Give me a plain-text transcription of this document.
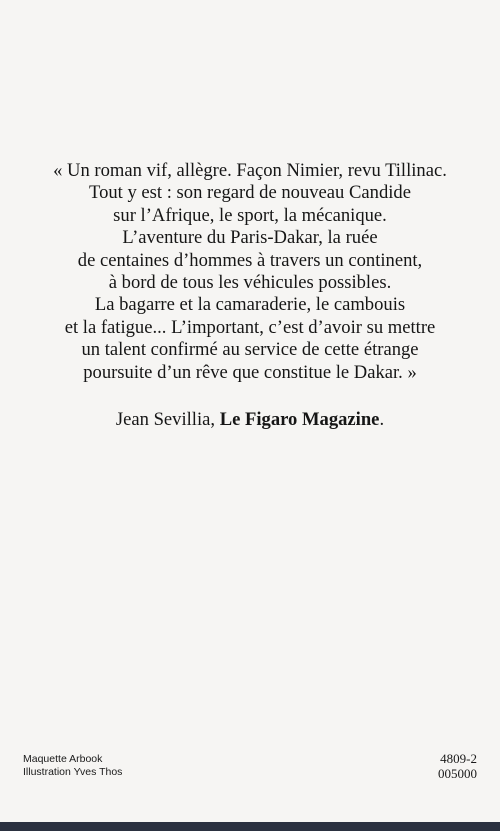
« Un roman vif, allègre. Façon Nimier, revu Tillinac.
Tout y est : son regard de nouveau Candide
sur l’Afrique, le sport, la mécanique.
L’aventure du Paris-Dakar, la ruée
de centaines d’hommes à travers un continent,
à bord de tous les véhicules possibles.
La bagarre et la camaraderie, le cambouis
et la fatigue... L’important, c’est d’avoir su mettre
un talent confirmé au service de cette étrange
poursuite d’un rêve que constitue le Dakar. »

Jean Sevillia, Le Figaro Magazine.
Maquette Arbook
Illustration Yves Thos
4809-2
005000
